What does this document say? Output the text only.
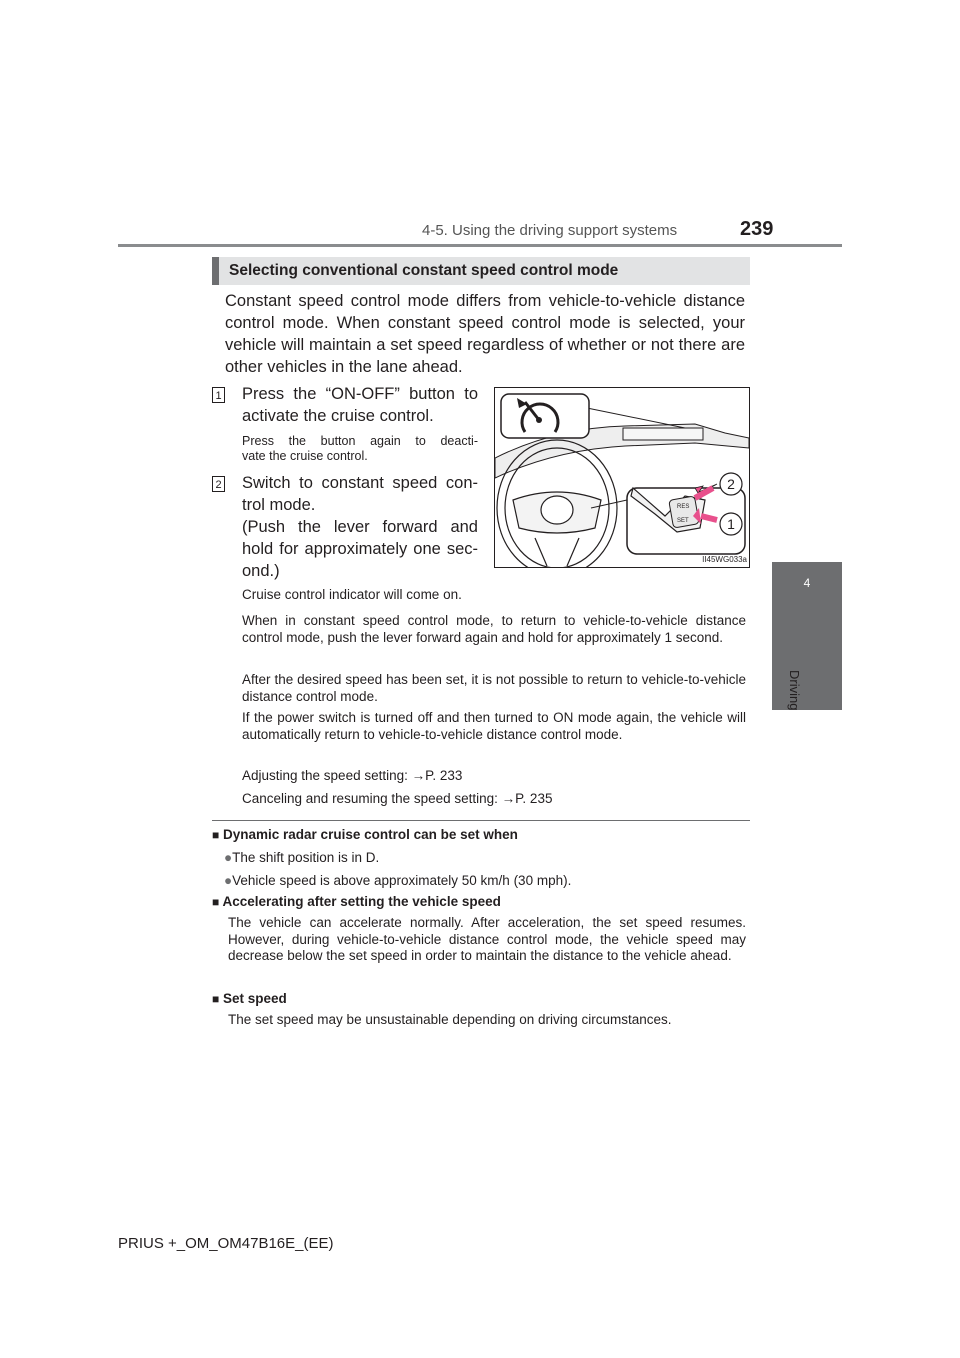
4-5. Using the driving support systems	239
4
Driving
Selecting conventional constant speed control mode
Constant speed control mode differs from vehicle-to-vehicle distance control mode. When constant speed control mode is selected, your vehicle will maintain a set speed regardless of whether or not there are other vehicles in the lane ahead.
1 Press the “ON-OFF” button to
activate the cruise control.
Press the button again to deacti-
vate the cruise control.
2 Switch to constant speed con-
trol mode.
(Push the lever forward and
hold for approximately one sec-
ond.)
RES
SET
2
1
II45WG033a
Cruise control indicator will come on.
When in constant speed control mode, to return to vehicle-to-vehicle distance control mode, push the lever forward again and hold for approximately 1 second.
After the desired speed has been set, it is not possible to return to vehicle-to-vehicle distance control mode.
If the power switch is turned off and then turned to ON mode again, the vehicle will automatically return to vehicle-to-vehicle distance control mode.
Adjusting the speed setting: →P. 233
Canceling and resuming the speed setting: →P. 235
■ Dynamic radar cruise control can be set when
●The shift position is in D.
●Vehicle speed is above approximately 50 km/h (30 mph).
■ Accelerating after setting the vehicle speed
The vehicle can accelerate normally. After acceleration, the set speed resumes. However, during vehicle-to-vehicle distance control mode, the vehicle speed may decrease below the set speed in order to maintain the distance to the vehicle ahead.
■ Set speed
The set speed may be unsustainable depending on driving circumstances.
PRIUS +_OM_OM47B16E_(EE)
